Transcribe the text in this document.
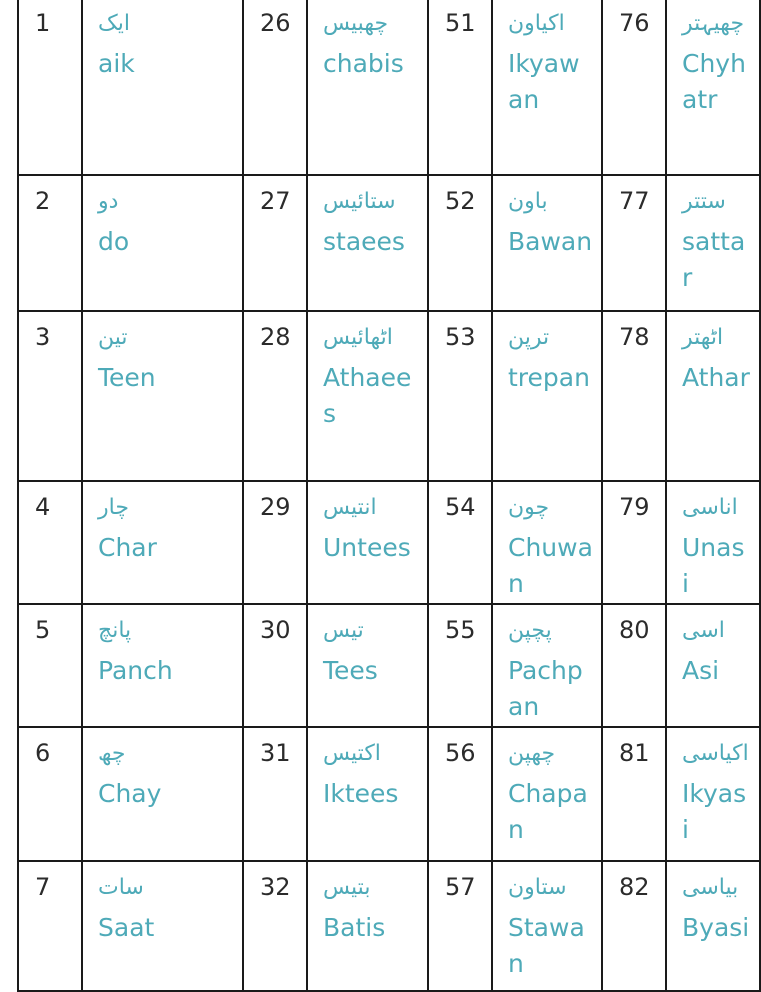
1	ایک
aik	26	چھبیس
chabis	51	اکیاون
Ikyawan	76	چھیہتر
Chyhatr

2	دو
do	27	ستائیس
staees	52	باون
Bawan	77	ستتر
sattar

3	تین
Teen	28	اٹھائیس
Athaees	53	ترپن
trepan	78	اٹھتر
Athar

4	چار
Char	29	انتیس
Untees	54	چون
Chuwan	79	اناسی
Unasi

5	پانچ
Panch	30	تیس
Tees	55	پچپن
Pachpan	80	اسی
Asi

6	چھ
Chay	31	اکتیس
Iktees	56	چھپن
Chapan	81	اکیاسی
Ikyasi

7	سات
Saat	32	بتیس
Batis	57	ستاون
Stawan	82	بیاسی
Byasi
